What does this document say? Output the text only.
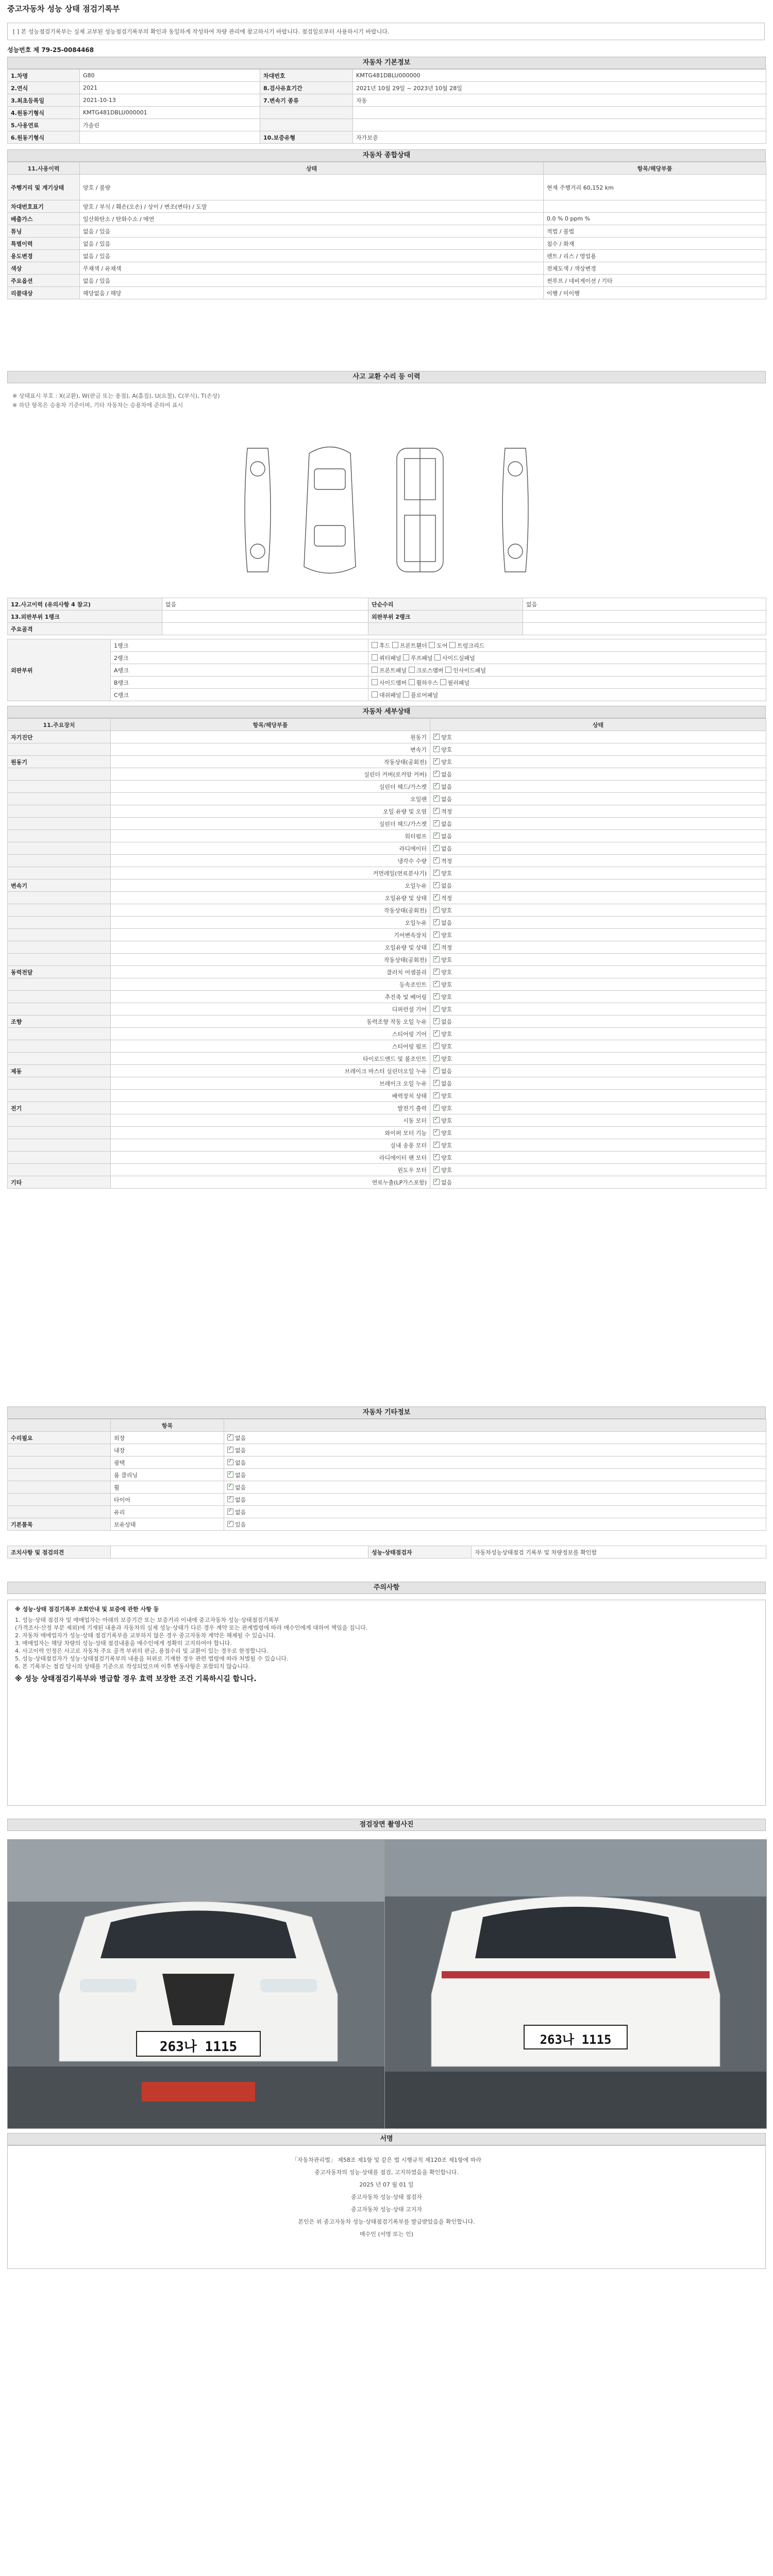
중고자동차 성능 상태 점검기록부
[ ] 본 성능점검기록부는 실제 교부된 성능점검기록부의 확인과 동일하게 작성하여 차량 관리에 참고하시기 바랍니다. 점검일로부터 사용하시기 바랍니다.
성능번호 제 79-25-0084468
자동차 기본정보
1.차명	G80	차대번호	KMTG481DBLU000000
2.연식	2021	8.검사유효기간	2021년 10월 29일 ~ 2023년 10월 28일
3.최초등록일	2021-10-13	7.변속기 종류	자동
4.원동기형식	KMTG481DBLU000001		
5.사용연료	가솔린		
6.원동기형식		10.보증유형	자가보증
자동차 종합상태
11.사용이력	상태	항목/해당부품
주행거리 및 계기상태	양호 / 불량	현재 주행거리 60,152 km
차대번호표기	양호 / 부식 / 훼손(오손) / 상이 / 변조(변타) / 도말	
배출가스	일산화탄소 / 탄화수소 / 매연	0.0 % 0 ppm %
튜닝	없음 / 있음	적법 / 불법
특별이력	없음 / 있음	침수 / 화재
용도변경	없음 / 있음	렌트 / 리스 / 영업용
색상	무채색 / 유채색	전체도색 / 색상변경
주요옵션	없음 / 있음	썬루프 / 네비게이션 / 기타
리콜대상	해당없음 / 해당	이행 / 미이행
사고 교환 수리 등 이력
※ 상태표시 부호 : X(교환), W(판금 또는 용접), A(흠집), U(요철), C(부식), T(손상)
※ 하단 항목은 승용차 기준이며, 기타 자동차는 승용차에 준하여 표시
12.사고이력 (유의사항 4 참고)	없음	단순수리	없음
13.외판부위 1랭크		외판부위 2랭크	
주요골격			
외판부위	1랭크	후드 프론트휀더 도어 트렁크리드
	2랭크	쿼터패널 루프패널 사이드실패널
	A랭크	프론트패널 크로스멤버 인사이드패널
	B랭크	사이드멤버 휠하우스 필러패널
	C랭크	대쉬패널 플로어패널
자동차 세부상태
11.주요장치	항목/해당부품	상태
자기진단	원동기	✓양호
	변속기	✓양호
원동기	작동상태(공회전)	✓양호
	실린더 커버(로커암 커버)	✓없음
	실린더 헤드/가스켓	✓없음
	오일팬	✓없음
	오일 유량 및 오염	✓적정
	실린더 헤드/가스켓	✓없음
	워터펌프	✓없음
	라디에이터	✓없음
	냉각수 수량	✓적정
	커먼레일(연료분사기)	✓양호
변속기	오일누유	✓없음
	오일유량 및 상태	✓적정
	작동상태(공회전)	✓양호
	오일누유	✓없음
	기어변속장치	✓양호
	오일유량 및 상태	✓적정
	작동상태(공회전)	✓양호
동력전달	클러치 어셈블리	✓양호
	등속조인트	✓양호
	추진축 및 베어링	✓양호
	디퍼런셜 기어	✓양호
조향	동력조향 작동 오일 누유	✓없음
	스티어링 기어	✓양호
	스티어링 펌프	✓양호
	타이로드엔드 및 볼조인트	✓양호
제동	브레이크 마스터 실린더오일 누유	✓없음
	브레이크 오일 누유	✓없음
	배력장치 상태	✓양호
전기	발전기 출력	✓양호
	시동 모터	✓양호
	와이퍼 모터 기능	✓양호
	실내 송풍 모터	✓양호
	라디에이터 팬 모터	✓양호
	윈도우 모터	✓양호
기타	연료누출(LP가스포함)	✓없음
자동차 기타정보
	항목	
수리필요	외장	✓없음
	내장	✓없음
	광택	✓없음
	룸 클리닝	✓없음
	휠	✓없음
	타이어	✓없음
	유리	✓없음
기본품목	보유상태	✓있음
조치사항 및 점검의견		성능·상태점검자	자동차성능상태점검 기록부 및 차량정보를 확인함
주의사항
※ 성능·상태 점검기록부 조회안내 및 보증에 관한 사항 등
1. 성능·상태 점검자 및 매매업자는 아래의 보증기간 또는 보증거리 이내에 중고자동차 성능·상태점검기록부
(가격조사·산정 부분 제외)에 기재된 내용과 자동차의 실제 성능·상태가 다른 경우 계약 또는 관계법령에 따라 매수인에게 대하여 책임을 집니다.
2. 자동차 매매업자가 성능·상태 점검기록부를 교부하지 않은 경우 중고자동차 계약은 해제될 수 있습니다.
3. 매매업자는 해당 차량의 성능·상태 점검내용을 매수인에게 정확히 고지하여야 합니다.
4. 사고이력 인정은 사고로 자동차 주요 골격 부위의 판금, 용접수리 및 교환이 있는 경우로 한정합니다.
5. 성능·상태점검자가 성능·상태점검기록부의 내용을 허위로 기재한 경우 관련 법령에 따라 처벌될 수 있습니다.
6. 본 기록부는 점검 당시의 상태를 기준으로 작성되었으며 이후 변동사항은 포함되지 않습니다.
※ 성능 상태점검기록부와 병급할 경우 효력 보장한 조건 기록하시길 합니다.
점검장면 촬영사진
263나 1115	263나 1115
서명
「자동차관리법」 제58조 제1항 및 같은 법 시행규칙 제120조 제1항에 따라
중고자동차의 성능·상태를 점검, 고지하였음을 확인합니다.
2025 년 07 월 01 일
중고자동차 성능·상태 점검자
중고자동차 성능·상태 고지자
본인은 위 중고자동차 성능·상태점검기록부를 발급받았음을 확인합니다.
매수인 (서명 또는 인)
